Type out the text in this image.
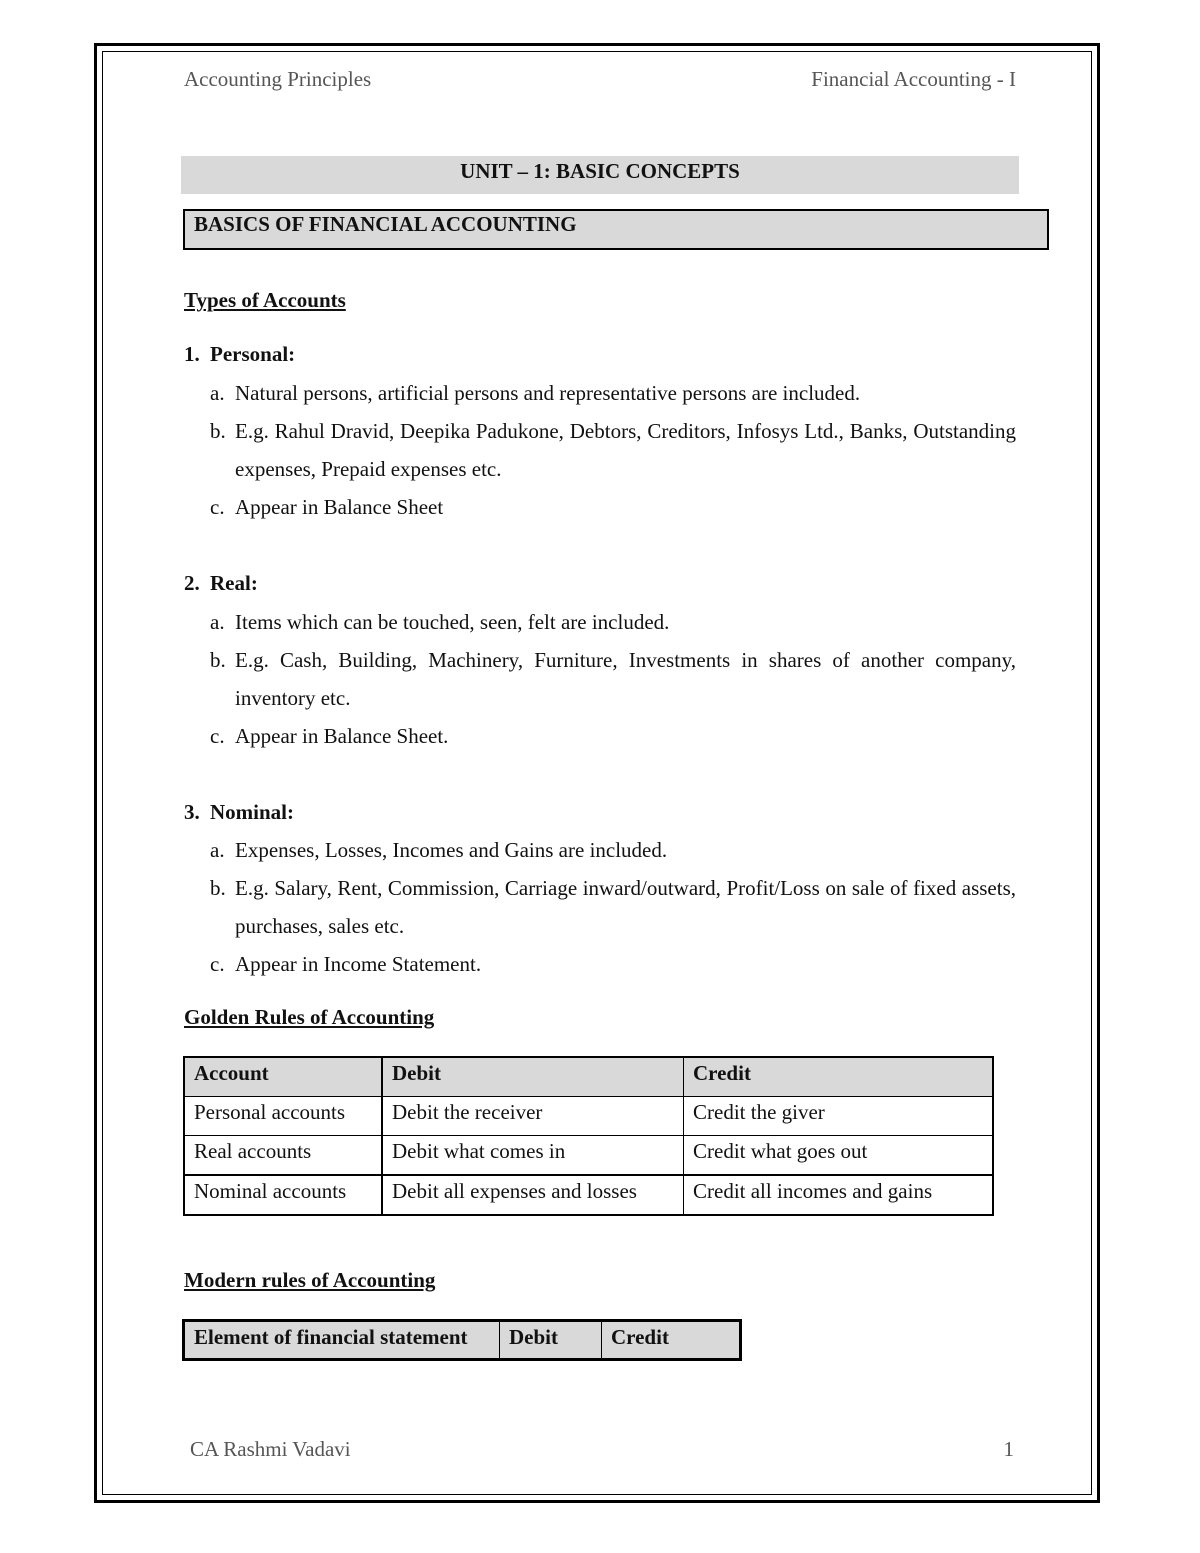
Accounting Principles	Financial Accounting - I
UNIT – 1: BASIC CONCEPTS
BASICS OF FINANCIAL ACCOUNTING
Types of Accounts
1. Personal:
a. Natural persons, artificial persons and representative persons are included.
b. E.g. Rahul Dravid, Deepika Padukone, Debtors, Creditors, Infosys Ltd., Banks, Outstanding expenses, Prepaid expenses etc.
c. Appear in Balance Sheet
2. Real:
a. Items which can be touched, seen, felt are included.
b. E.g. Cash, Building, Machinery, Furniture, Investments in shares of another company, inventory etc.
c. Appear in Balance Sheet.
3. Nominal:
a. Expenses, Losses, Incomes and Gains are included.
b. E.g. Salary, Rent, Commission, Carriage inward/outward, Profit/Loss on sale of fixed assets, purchases, sales etc.
c. Appear in Income Statement.
Golden Rules of Accounting
Account	Debit	Credit
Personal accounts	Debit the receiver	Credit the giver
Real accounts	Debit what comes in	Credit what goes out
Nominal accounts	Debit all expenses and losses	Credit all incomes and gains
Modern rules of Accounting
Element of financial statement	Debit	Credit
CA Rashmi Vadavi	1
